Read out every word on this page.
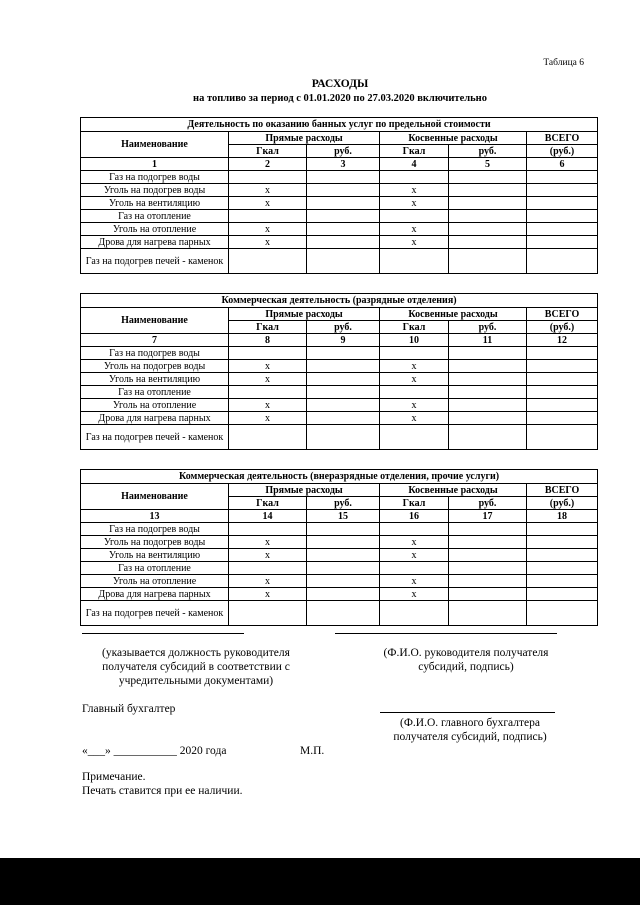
Таблица 6
РАСХОДЫ
на топливо за период с 01.01.2020 по 27.03.2020 включительно
Деятельность по оказанию банных услуг по предельной стоимости					
Наименование	Прямые расходы		Косвенные расходы		ВСЕГО
	Гкал	руб.	Гкал	руб.	(руб.)
1	2	3	4	5	6
Газ на подогрев воды					
Уголь на подогрев воды	x		x		
Уголь на вентиляцию	x		x		
Газ на отопление					
Уголь на отопление	x		x		
Дрова для нагрева парных	x		x		
Газ на подогрев печей - каменок					
Коммерческая деятельность (разрядные отделения)					
Наименование	Прямые расходы		Косвенные расходы		ВСЕГО
	Гкал	руб.	Гкал	руб.	(руб.)
7	8	9	10	11	12
Газ на подогрев воды					
Уголь на подогрев воды	x		x		
Уголь на вентиляцию	x		x		
Газ на отопление					
Уголь на отопление	x		x		
Дрова для нагрева парных	x		x		
Газ на подогрев печей - каменок					
Коммерческая деятельность (внеразрядные отделения, прочие услуги)					
Наименование	Прямые расходы		Косвенные расходы		ВСЕГО
	Гкал	руб.	Гкал	руб.	(руб.)
13	14	15	16	17	18
Газ на подогрев воды					
Уголь на подогрев воды	x		x		
Уголь на вентиляцию	x		x		
Газ на отопление					
Уголь на отопление	x		x		
Дрова для нагрева парных	x		x		
Газ на подогрев печей - каменок					
(указывается должность руководителя получателя субсидий в соответствии с учредительными документами)
(Ф.И.О. руководителя получателя субсидий, подпись)
Главный бухгалтер
(Ф.И.О. главного бухгалтера получателя субсидий, подпись)
«___» ___________ 2020 года	М.П.
Примечание.
Печать ставится при ее наличии.
